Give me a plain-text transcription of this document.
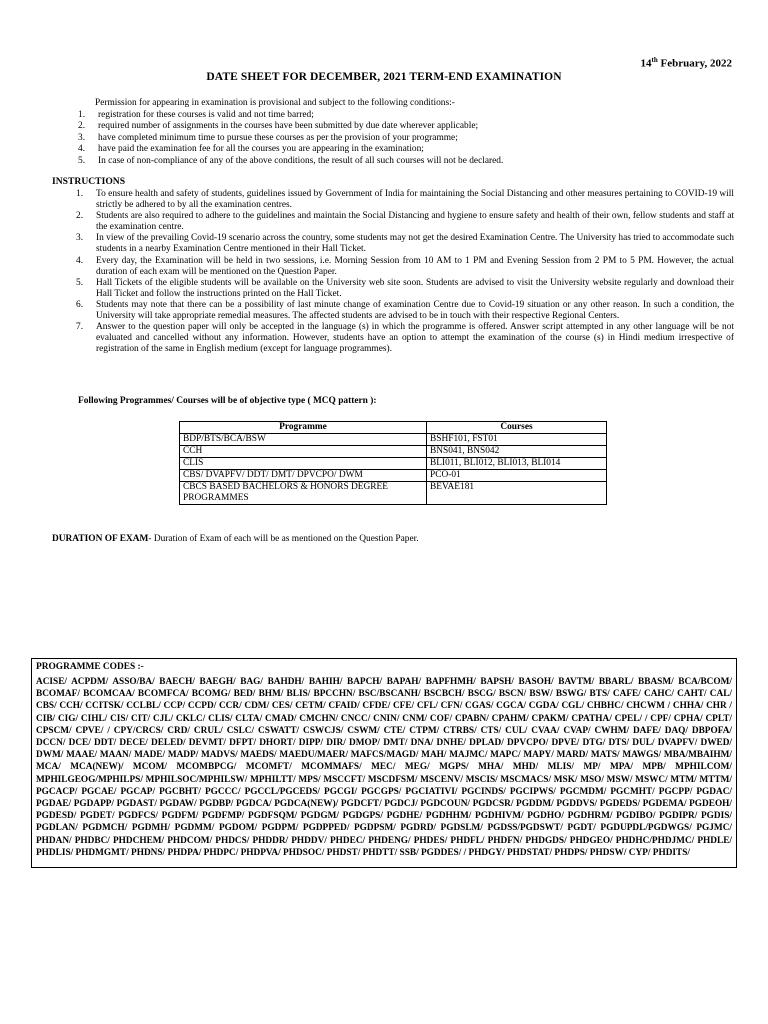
14th February, 2022
DATE SHEET FOR DECEMBER, 2021 TERM-END EXAMINATION
Permission for appearing in examination is provisional and subject to the following conditions:-
1.	registration for these courses is valid and not time barred;
2.	required number of assignments in the courses have been submitted by due date wherever applicable;
3.	have completed minimum time to pursue these courses as per the provision of your programme;
4.	have paid the examination fee for all the courses you are appearing in the examination;
5.	In case of non-compliance of any of the above conditions, the result of all such courses will not be declared.
INSTRUCTIONS
1.	To ensure health and safety of students, guidelines issued by Government of India for maintaining the Social Distancing and other measures pertaining to COVID-19 will strictly be adhered to by all the examination centres.
2.	Students are also required to adhere to the guidelines and maintain the Social Distancing and hygiene to ensure safety and health of their own, fellow students and staff at the examination centre.
3.	In view of the prevailing Covid-19 scenario across the country, some students may not get the desired Examination Centre. The University has tried to accommodate such students in a nearby Examination Centre mentioned in their Hall Ticket.
4.	Every day, the Examination will be held in two sessions, i.e. Morning Session from 10 AM to 1 PM and Evening Session from 2 PM to 5 PM. However, the actual duration of each exam will be mentioned on the Question Paper.
5.	Hall Tickets of the eligible students will be available on the University web site soon. Students are advised to visit the University website regularly and download their Hall Ticket and follow the instructions printed on the Hall Ticket.
6.	Students may note that there can be a possibility of last minute change of examination Centre due to Covid-19 situation or any other reason. In such a condition, the University will take appropriate remedial measures. The affected students are advised to be in touch with their respective Regional Centers.
7.	Answer to the question paper will only be accepted in the language (s) in which the programme is offered. Answer script attempted in any other language will be not evaluated and cancelled without any information. However, students have an option to attempt the examination of the course (s) in Hindi medium irrespective of registration of the same in English medium (except for language programmes).
Following Programmes/ Courses will be of objective type ( MCQ pattern ):
Programme	Courses
BDP/BTS/BCA/BSW	BSHF101, FST01
CCH	BNS041, BNS042
CLIS	BLI011, BLI012, BLI013, BLI014
CBS/ DVAPFV/ DDT/ DMT/ DPVCPO/ DWM	PCO-01
CBCS BASED BACHELORS & HONORS DEGREE PROGRAMMES	BEVAE181
DURATION OF EXAM- Duration of Exam of each will be as mentioned on the Question Paper.
PROGRAMME CODES :-
ACISE/ ACPDM/ ASSO/BA/ BAECH/ BAEGH/ BAG/ BAHDH/ BAHIH/ BAPCH/ BAPAH/ BAPFHMH/ BAPSH/ BASOH/ BAVTM/ BBARL/ BBASM/ BCA/BCOM/ BCOMAF/ BCOMCAA/ BCOMFCA/ BCOMG/ BED/ BHM/ BLIS/ BPCCHN/ BSC/BSCANH/ BSCBCH/ BSCG/ BSCN/ BSW/ BSWG/ BTS/ CAFE/ CAHC/ CAHT/ CAL/ CBS/ CCH/ CCITSK/ CCLBL/ CCP/ CCPD/ CCR/ CDM/ CES/ CETM/ CFAID/ CFDE/ CFE/ CFL/ CFN/ CGAS/ CGCA/ CGDA/ CGL/ CHBHC/ CHCWM / CHHA/ CHR / CIB/ CIG/ CIHL/ CIS/ CIT/ CJL/ CKLC/ CLIS/ CLTA/ CMAD/ CMCHN/ CNCC/ CNIN/ CNM/ COF/ CPABN/ CPAHM/ CPAKM/ CPATHA/ CPEL/ / CPF/ CPHA/ CPLT/ CPSCM/ CPVE/ / CPY/CRCS/ CRD/ CRUL/ CSLC/ CSWATT/ CSWCJS/ CSWM/ CTE/ CTPM/ CTRBS/ CTS/ CUL/ CVAA/ CVAP/ CWHM/ DAFE/ DAQ/ DBPOFA/ DCCN/ DCE/ DDT/ DECE/ DELED/ DEVMT/ DFPT/ DHORT/ DIPP/ DIR/ DMOP/ DMT/ DNA/ DNHE/ DPLAD/ DPVCPO/ DPVE/ DTG/ DTS/ DUL/ DVAPFV/ DWED/ DWM/ MAAE/ MAAN/ MADE/ MADP/ MADVS/ MAEDS/ MAEDU/MAER/ MAFCS/MAGD/ MAH/ MAJMC/ MAPC/ MAPY/ MARD/ MATS/ MAWGS/ MBA/MBAIHM/ MCA/ MCA(NEW)/ MCOM/ MCOMBPCG/ MCOMFT/ MCOMMAFS/ MEC/ MEG/ MGPS/ MHA/ MHD/ MLIS/ MP/ MPA/ MPB/ MPHILCOM/ MPHILGEOG/MPHILPS/ MPHILSOC/MPHILSW/ MPHILTT/ MPS/ MSCCFT/ MSCDFSM/ MSCENV/ MSCIS/ MSCMACS/ MSK/ MSO/ MSW/ MSWC/ MTM/ MTTM/ PGCACP/ PGCAE/ PGCAP/ PGCBHT/ PGCCC/ PGCCL/PGCEDS/ PGCGI/ PGCGPS/ PGCIATIVI/ PGCINDS/ PGCIPWS/ PGCMDM/ PGCMHT/ PGCPP/ PGDAC/ PGDAE/ PGDAPP/ PGDAST/ PGDAW/ PGDBP/ PGDCA/ PGDCA(NEW)/ PGDCFT/ PGDCJ/ PGDCOUN/ PGDCSR/ PGDDM/ PGDDVS/ PGDEDS/ PGDEMA/ PGDEOH/ PGDESD/ PGDET/ PGDFCS/ PGDFM/ PGDFMP/ PGDFSQM/ PGDGM/ PGDGPS/ PGDHE/ PGDHHM/ PGDHIVM/ PGDHO/ PGDHRM/ PGDIBO/ PGDIPR/ PGDIS/ PGDLAN/ PGDMCH/ PGDMH/ PGDMM/ PGDOM/ PGDPM/ PGDPPED/ PGDPSM/ PGDRD/ PGDSLM/ PGDSS/PGDSWT/ PGDT/ PGDUPDL/PGDWGS/ PGJMC/ PHDAN/ PHDBC/ PHDCHEM/ PHDCOM/ PHDCS/ PHDDR/ PHDDV/ PHDEC/ PHDENG/ PHDES/ PHDFL/ PHDFN/ PHDGDS/ PHDGEO/ PHDHC/PHDJMC/ PHDLE/ PHDLIS/ PHDMGMT/ PHDNS/ PHDPA/ PHDPC/ PHDPVA/ PHDSOC/ PHDST/ PHDTT/ SSB/ PGDDES/ / PHDGY/ PHDSTAT/ PHDPS/ PHDSW/ CYP/ PHDITS/
